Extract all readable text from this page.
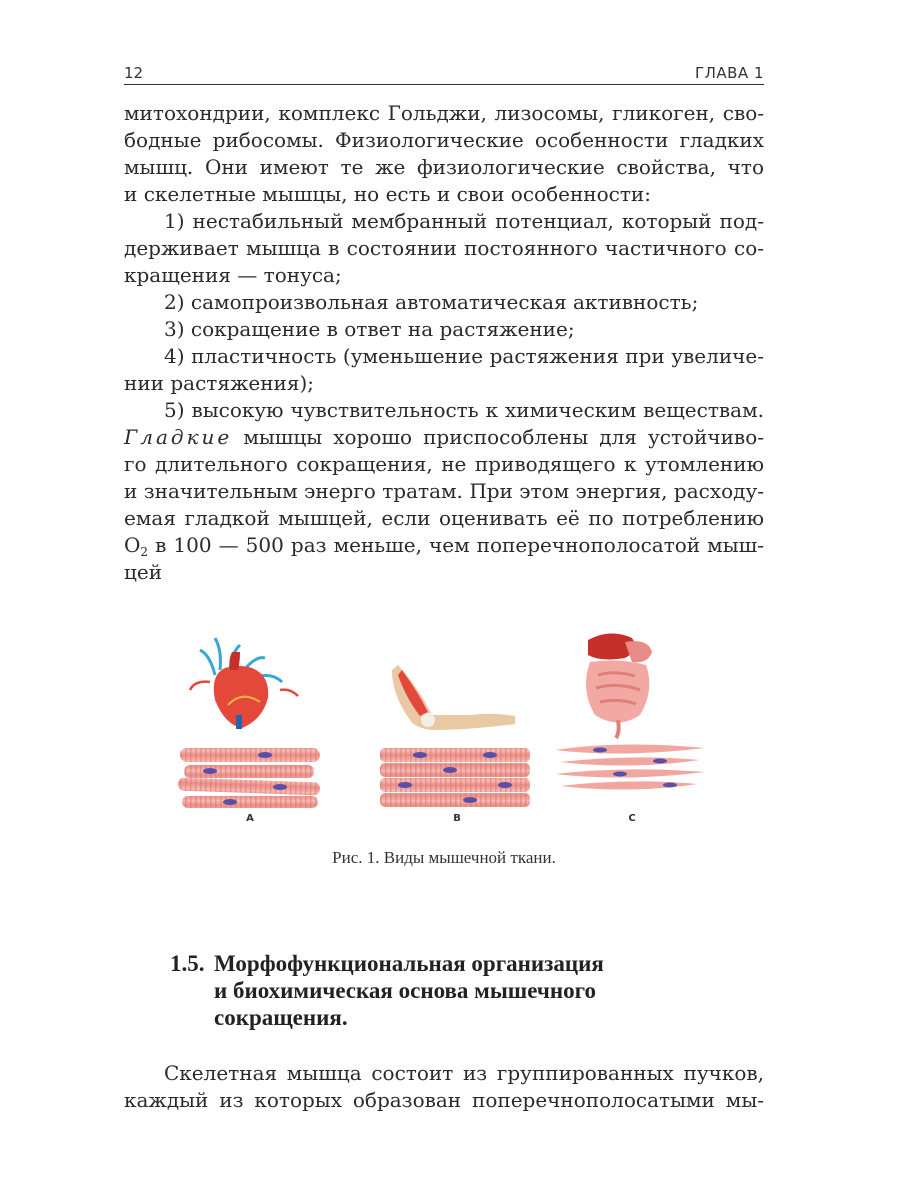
12	ГЛАВА 1
митохондрии, комплекс Гольджи, лизосомы, гликоген, сво-
бодные рибосомы. Физиологические особенности гладких
мышц. Они имеют те же физиологические свойства, что
и скелетные мышцы, но есть и свои особенности:
1) нестабильный мембранный потенциал, который под-
держивает мышца в состоянии постоянного частичного со-
кращения — тонуса;
2) самопроизвольная автоматическая активность;
3) сокращение в ответ на растяжение;
4) пластичность (уменьшение растяжения при увеличе-
нии растяжения);
5) высокую чувствительность к химическим веществам.
Гладкие мышцы хорошо приспособлены для устойчиво-
го длительного сокращения, не приводящего к утомлению
и значительным энерго тратам. При этом энергия, расходу-
емая гладкой мышцей, если оценивать её по потреблению
$O_2$ в 100 — 500 раз меньше, чем поперечнополосатой мыш-
цей
A	B	C
Рис. 1. Виды мышечной ткани.
1.5. Морфофункциональная организация
и биохимическая основа мышечного
сокращения.
Скелетная мышца состоит из группированных пучков,
каждый из которых образован поперечнополосатыми мы-
